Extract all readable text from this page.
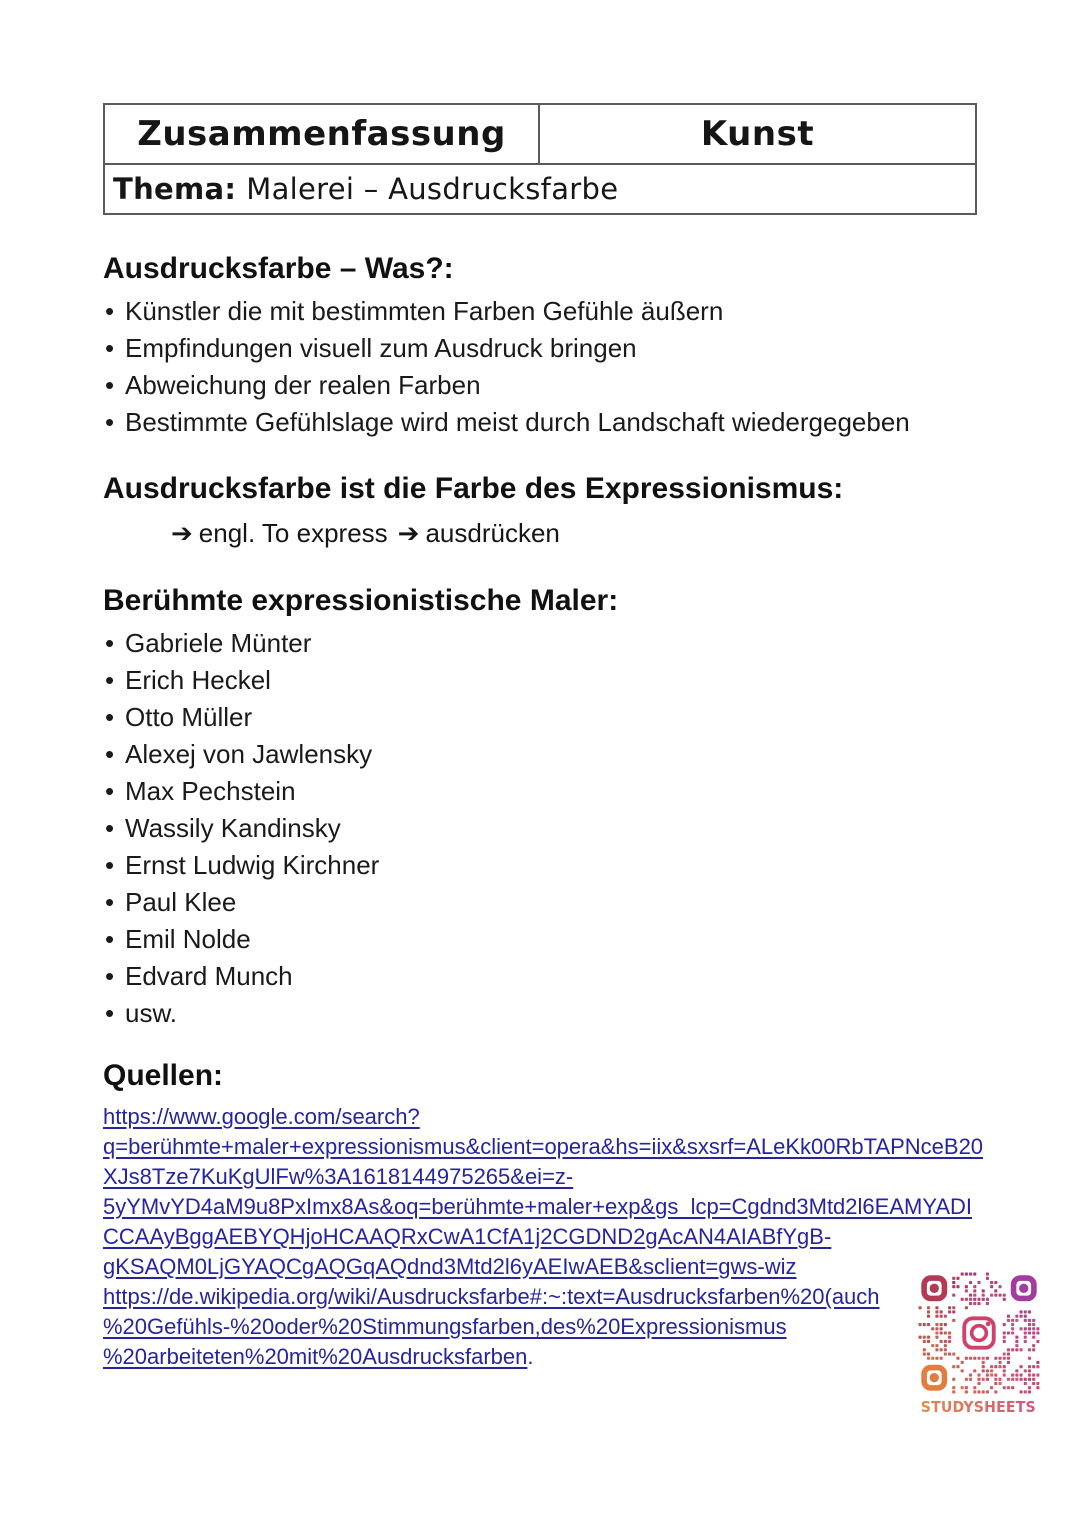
Zusammenfassung	Kunst
Thema: Malerei – Ausdrucksfarbe
Ausdrucksfarbe – Was?:
• Künstler die mit bestimmten Farben Gefühle äußern
• Empfindungen visuell zum Ausdruck bringen
• Abweichung der realen Farben
• Bestimmte Gefühlslage wird meist durch Landschaft wiedergegeben
Ausdrucksfarbe ist die Farbe des Expressionismus:
➔ engl. To express ➔ ausdrücken
Berühmte expressionistische Maler:
• Gabriele Münter
• Erich Heckel
• Otto Müller
• Alexej von Jawlensky
• Max Pechstein
• Wassily Kandinsky
• Ernst Ludwig Kirchner
• Paul Klee
• Emil Nolde
• Edvard Munch
• usw.
Quellen:
https://www.google.com/search?
q=berühmte+maler+expressionismus&client=opera&hs=iix&sxsrf=ALeKk00RbTAPNceB20
XJs8Tze7KuKgUlFw%3A1618144975265&ei=z-
5yYMvYD4aM9u8PxImx8As&oq=berühmte+maler+exp&gs_lcp=Cgdnd3Mtd2l6EAMYADI
CCAAyBggAEBYQHjoHCAAQRxCwA1CfA1j2CGDND2gAcAN4AIABfYgB-
gKSAQM0LjGYAQCgAQGqAQdnd3Mtd2l6yAEIwAEB&sclient=gws-wiz
https://de.wikipedia.org/wiki/Ausdrucksfarbe#:~:text=Ausdrucksfarben%20(auch
%20Gefühls-%20oder%20Stimmungsfarben,des%20Expressionismus
%20arbeiteten%20mit%20Ausdrucksfarben.
STUDYSHEETS.PC
